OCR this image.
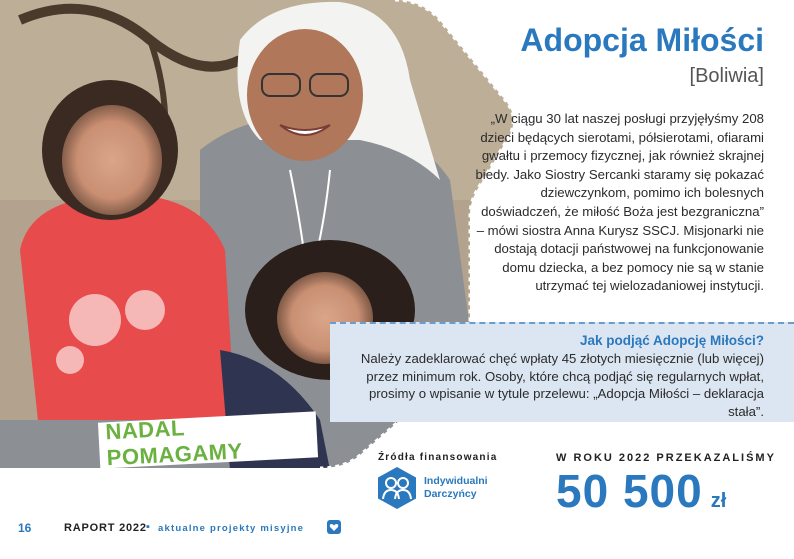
NADAL POMAGAMY
Adopcja Miłości
[Boliwia]
„W ciągu 30 lat naszej posługi przyjęłyśmy 208 dzieci będących sierotami, półsierotami, ofiarami gwałtu i przemocy fizycznej, jak również skrajnej biedy. Jako Siostry Sercanki staramy się pokazać dziewczynkom, pomimo ich bolesnych doświadczeń, że miłość Boża jest bezgraniczna” – mówi siostra Anna Kurysz SSCJ. Misjonarki nie dostają dotacji państwowej na funkcjonowanie domu dziecka, a bez pomocy nie są w stanie utrzymać tej wielozadaniowej instytucji.
Jak podjąć Adopcję Miłości?
Należy zadeklarować chęć wpłaty 45 złotych miesięcznie (lub więcej) przez minimum rok. Osoby, które chcą podjąć się regularnych wpłat, prosimy o wpisanie w tytule przelewu: „Adopcja Miłości – deklaracja stała”.
Źródła finansowania
Indywidualni
Darczyńcy
W ROKU 2022 PRZEKAZALIŚMY
50 500 zł
16	RAPORT 2022 ▪ aktualne projekty misyjne
